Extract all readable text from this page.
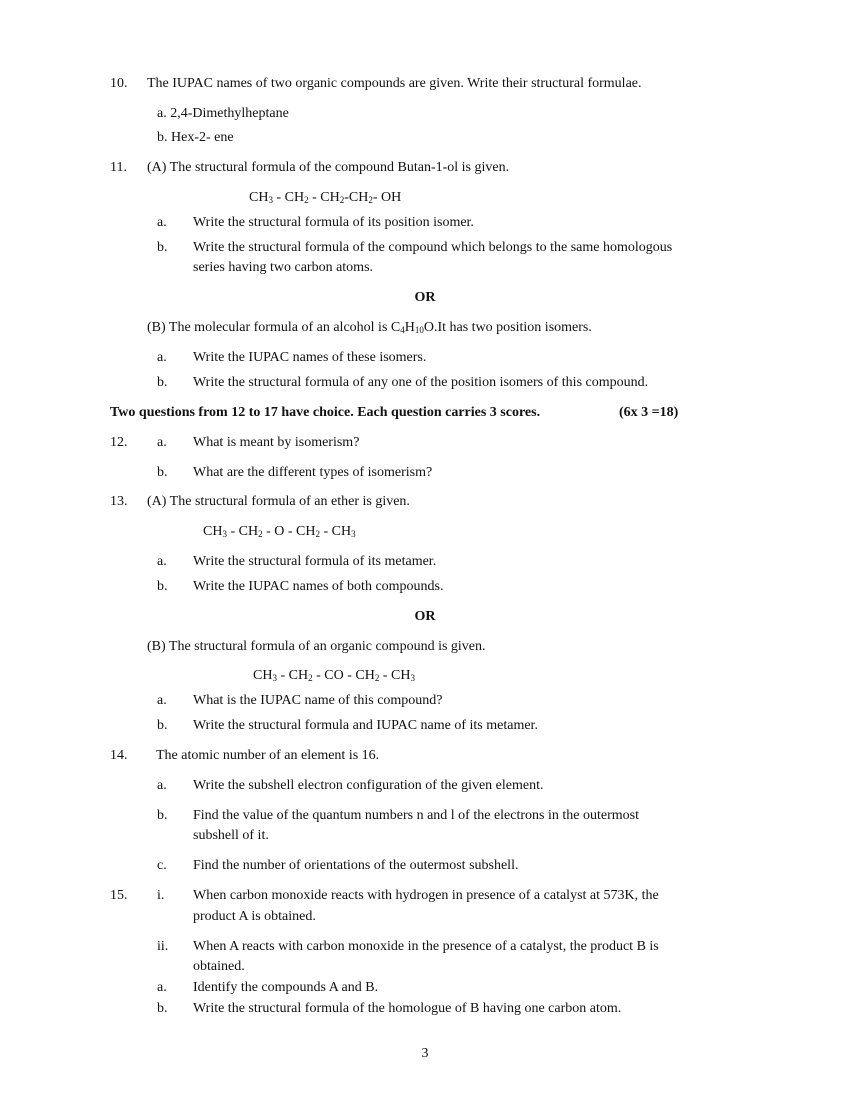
10. The IUPAC names of two organic compounds are given. Write their structural formulae.
a. 2,4-Dimethylheptane
b. Hex-2- ene
11. (A) The structural formula of the compound Butan-1-ol is given.
$CH_3 - CH_2 - CH_2-CH_2-$ OH
a. Write the structural formula of its position isomer.
b. Write the structural formula of the compound which belongs to the same homologous
series having two carbon atoms.
OR
(B) The molecular formula of an alcohol is $C_4H_{10}O.It$ has two position isomers.
a. Write the IUPAC names of these isomers.
b. Write the structural formula of any one of the position isomers of this compound.
Two questions from 12 to 17 have choice. Each question carries 3 scores.	(6x 3 =18)
12. a. What is meant by isomerism?
b. What are the different types of isomerism?
13. (A) The structural formula of an ether is given.
$CH_3 - CH_2$ - O - $CH_2 - CH_3$
a. Write the structural formula of its metamer.
b. Write the IUPAC names of both compounds.
OR
(B) The structural formula of an organic compound is given.
$CH_3 - CH_2$ - CO - $CH_2 - CH_3$
a. What is the IUPAC name of this compound?
b. Write the structural formula and IUPAC name of its metamer.
14. The atomic number of an element is 16.
a. Write the subshell electron configuration of the given element.
b. Find the value of the quantum numbers n and l of the electrons in the outermost
subshell of it.
c. Find the number of orientations of the outermost subshell.
15. i. When carbon monoxide reacts with hydrogen in presence of a catalyst at 573K, the
product A is obtained.
ii. When A reacts with carbon monoxide in the presence of a catalyst, the product B is
obtained.
a. Identify the compounds A and B.
b. Write the structural formula of the homologue of B having one carbon atom.
3
